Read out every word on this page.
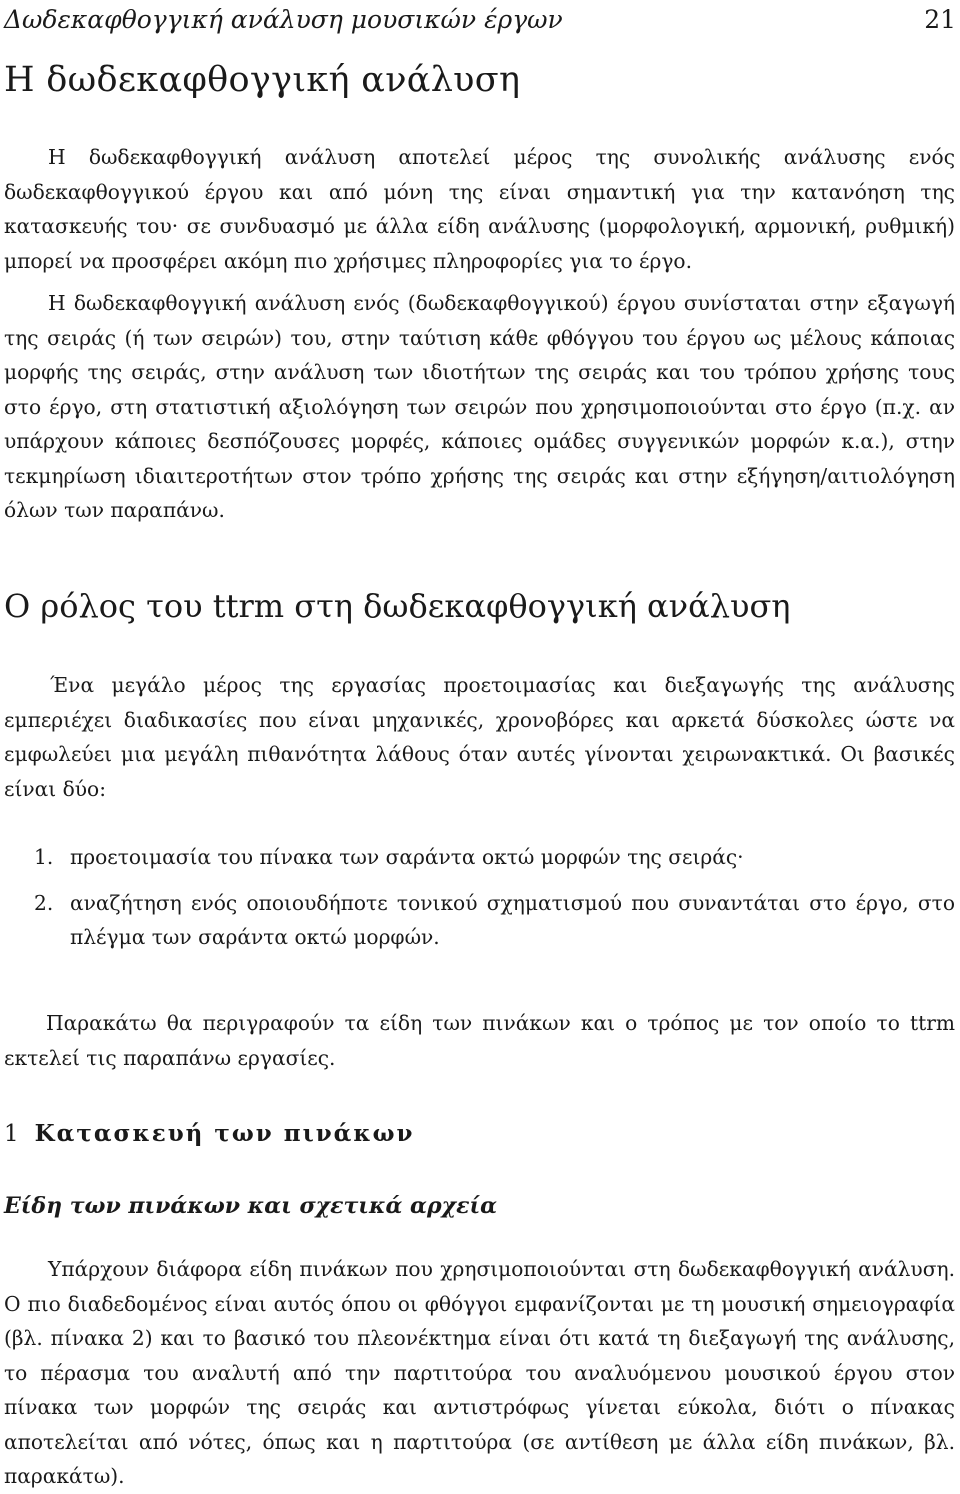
Δωδεκαφθογγική ανάλυση μουσικών έργων	21
Η δωδεκαφθογγική ανάλυση

Η δωδεκαφθογγική ανάλυση αποτελεί μέρος της συνολικής ανάλυσης ενός δωδεκαφθογγικού έργου και από μόνη της είναι σημαντική για την κατανόηση της κατασκευής του· σε συνδυασμό με άλλα είδη ανάλυσης (μορφολογική, αρμονική, ρυθμική) μπορεί να προσφέρει ακόμη πιο χρήσιμες πληροφορίες για το έργο.

Η δωδεκαφθογγική ανάλυση ενός (δωδεκαφθογγικού) έργου συνίσταται στην εξαγωγή της σειράς (ή των σειρών) του, στην ταύτιση κάθε φθόγγου του έργου ως μέλους κάποιας μορφής της σειράς, στην ανάλυση των ιδιοτήτων της σειράς και του τρόπου χρήσης τους στο έργο, στη στατιστική αξιολόγηση των σειρών που χρησιμοποιούνται στο έργο (π.χ. αν υπάρχουν κάποιες δεσπόζουσες μορφές, κάποιες ομάδες συγγενικών μορφών κ.α.), στην τεκμηρίωση ιδιαιτεροτήτων στον τρόπο χρήσης της σειράς και στην εξήγηση/αιτιολόγηση όλων των παραπάνω.

Ο ρόλος του ttrm στη δωδεκαφθογγική ανάλυση

Ένα μεγάλο μέρος της εργασίας προετοιμασίας και διεξαγωγής της ανάλυσης εμπεριέχει διαδικασίες που είναι μηχανικές, χρονοβόρες και αρκετά δύσκολες ώστε να εμφωλεύει μια μεγάλη πιθανότητα λάθους όταν αυτές γίνονται χειρωνακτικά. Οι βασικές είναι δύο:

1. προετοιμασία του πίνακα των σαράντα οκτώ μορφών της σειράς·
2. αναζήτηση ενός οποιουδήποτε τονικού σχηματισμού που συναντάται στο έργο, στο πλέγμα των σαράντα οκτώ μορφών.

Παρακάτω θα περιγραφούν τα είδη των πινάκων και ο τρόπος με τον οποίο το ttrm εκτελεί τις παραπάνω εργασίες.

1 Κατασκευή των πινάκων
Είδη των πινάκων και σχετικά αρχεία

Υπάρχουν διάφορα είδη πινάκων που χρησιμοποιούνται στη δωδεκαφθογγική ανάλυση. Ο πιο διαδεδομένος είναι αυτός όπου οι φθόγγοι εμφανίζονται με τη μουσική σημειογραφία (βλ. πίνακα 2) και το βασικό του πλεονέκτημα είναι ότι κατά τη διεξαγωγή της ανάλυσης, το πέρασμα του αναλυτή από την παρτιτούρα του αναλυόμενου μουσικού έργου στον πίνακα των μορφών της σειράς και αντιστρόφως γίνεται εύκολα, διότι ο πίνακας αποτελείται από νότες, όπως και η παρτιτούρα (σε αντίθεση με άλλα είδη πινάκων, βλ. παρακάτω).
